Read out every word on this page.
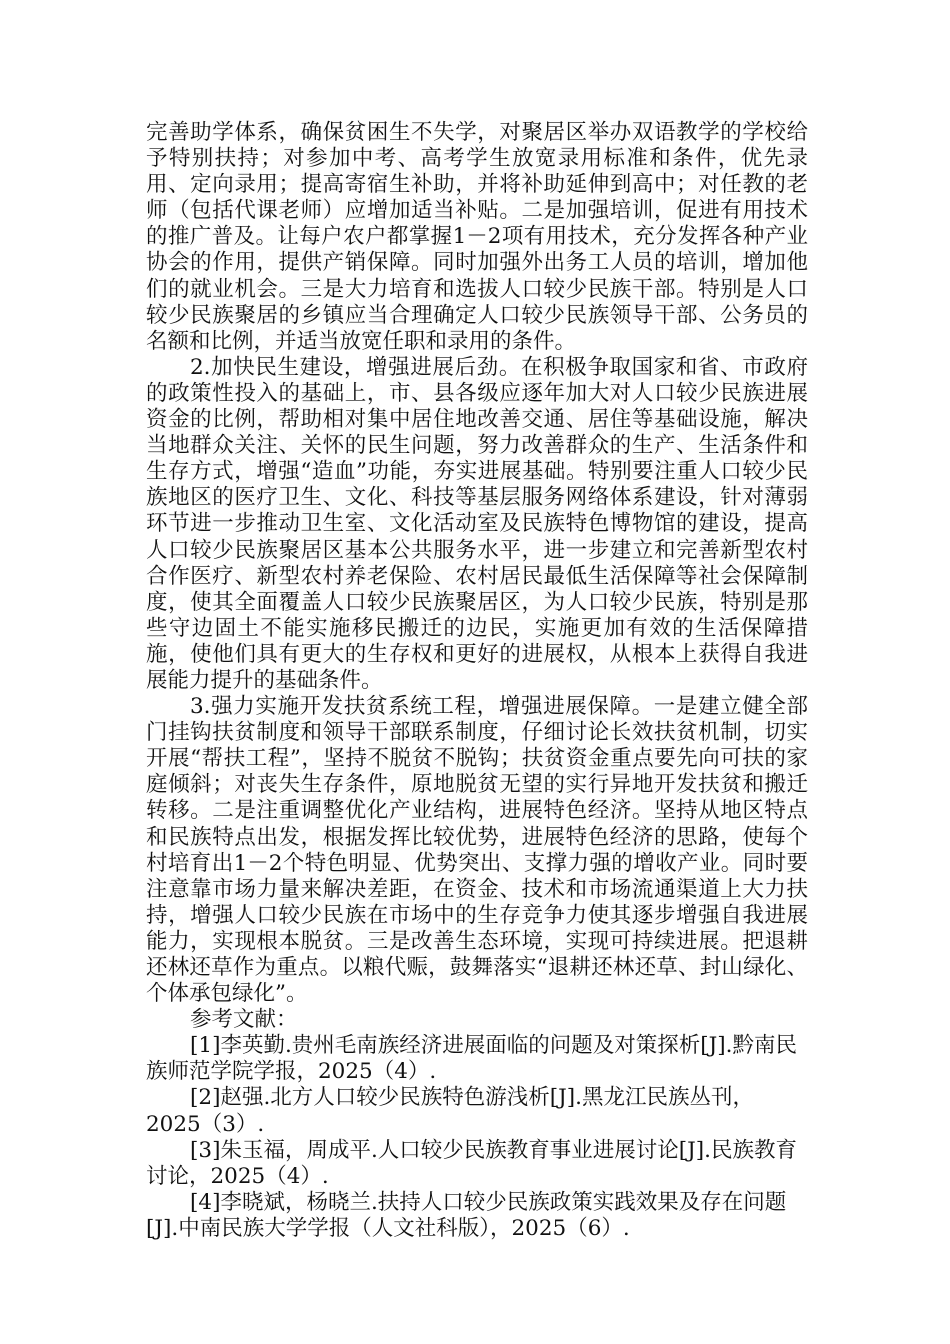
完善助学体系，确保贫困生不失学，对聚居区举办双语教学的学校给予特别扶持；对参加中考、高考学生放宽录用标准和条件，优先录用、定向录用；提高寄宿生补助，并将补助延伸到高中；对任教的老师（包括代课老师）应增加适当补贴。二是加强培训，促进有用技术的推广普及。让每户农户都掌握1－2项有用技术，充分发挥各种产业协会的作用，提供产销保障。同时加强外出务工人员的培训，增加他们的就业机会。三是大力培育和选拔人口较少民族干部。特别是人口较少民族聚居的乡镇应当合理确定人口较少民族领导干部、公务员的名额和比例，并适当放宽任职和录用的条件。

2.加快民生建设，增强进展后劲。在积极争取国家和省、市政府的政策性投入的基础上，市、县各级应逐年加大对人口较少民族进展资金的比例，帮助相对集中居住地改善交通、居住等基础设施，解决当地群众关注、关怀的民生问题，努力改善群众的生产、生活条件和生存方式，增强“造血”功能，夯实进展基础。特别要注重人口较少民族地区的医疗卫生、文化、科技等基层服务网络体系建设，针对薄弱环节进一步推动卫生室、文化活动室及民族特色博物馆的建设，提高人口较少民族聚居区基本公共服务水平，进一步建立和完善新型农村合作医疗、新型农村养老保险、农村居民最低生活保障等社会保障制度，使其全面覆盖人口较少民族聚居区，为人口较少民族，特别是那些守边固土不能实施移民搬迁的边民，实施更加有效的生活保障措施，使他们具有更大的生存权和更好的进展权，从根本上获得自我进展能力提升的基础条件。

3.强力实施开发扶贫系统工程，增强进展保障。一是建立健全部门挂钩扶贫制度和领导干部联系制度，仔细讨论长效扶贫机制，切实开展“帮扶工程”，坚持不脱贫不脱钩；扶贫资金重点要先向可扶的家庭倾斜；对丧失生存条件，原地脱贫无望的实行异地开发扶贫和搬迁转移。二是注重调整优化产业结构，进展特色经济。坚持从地区特点和民族特点出发，根据发挥比较优势，进展特色经济的思路，使每个村培育出1－2个特色明显、优势突出、支撑力强的增收产业。同时要注意靠市场力量来解决差距，在资金、技术和市场流通渠道上大力扶持，增强人口较少民族在市场中的生存竞争力使其逐步增强自我进展能力，实现根本脱贫。三是改善生态环境，实现可持续进展。把退耕还林还草作为重点。以粮代赈，鼓舞落实“退耕还林还草、封山绿化、个体承包绿化”。

参考文献：

[1]李英勤.贵州毛南族经济进展面临的问题及对策探析[J].黔南民族师范学院学报，2025（4）.

[2]赵强.北方人口较少民族特色游浅析[J].黑龙江民族丛刊，2025（3）.

[3]朱玉福，周成平.人口较少民族教育事业进展讨论[J].民族教育讨论，2025（4）.

[4]李晓斌，杨晓兰.扶持人口较少民族政策实践效果及存在问题[J].中南民族大学学报（人文社科版），2025（6）.
